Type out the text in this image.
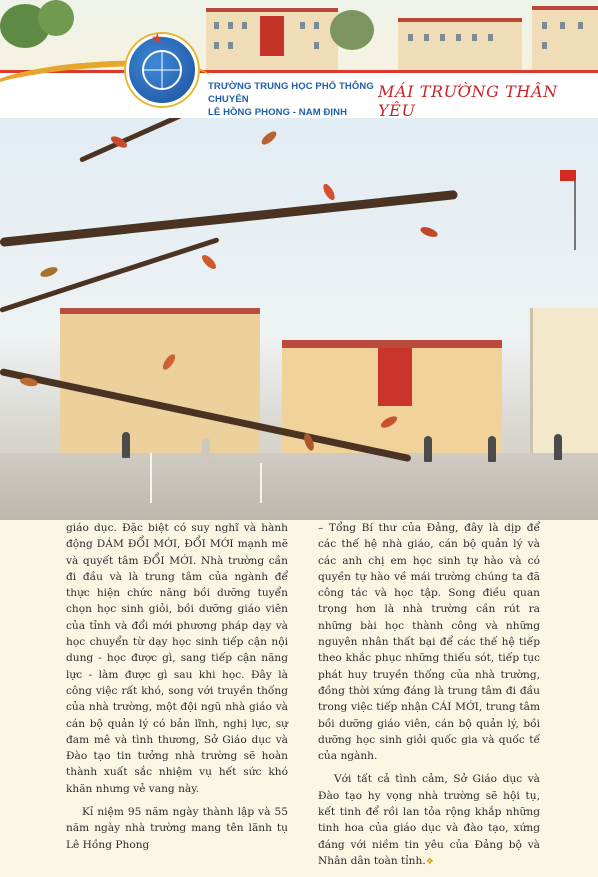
★
TRƯỜNG TRUNG HỌC PHỔ THÔNG CHUYÊN
LÊ HỒNG PHONG - NAM ĐỊNH
MÁI TRƯỜNG THÂN YÊU

giáo dục. Đặc biệt có suy nghĩ và hành động DÁM ĐỔI MỚI, ĐỔI MỚI mạnh mẽ và quyết tâm ĐỔI MỚI. Nhà trường cần đi đầu và là trung tâm của ngành để thực hiện chức năng bồi dưỡng tuyển chọn học sinh giỏi, bồi dưỡng giáo viên của tỉnh và đổi mới phương pháp dạy và học chuyển từ dạy học sinh tiếp cận nội dung - học được gì, sang tiếp cận năng lực - làm được gì sau khi học. Đây là công việc rất khó, song với truyền thống của nhà trường, một đội ngũ nhà giáo và cán bộ quản lý có bản lĩnh, nghị lực, sự đam mê và tình thương, Sở Giáo dục và Đào tạo tin tưởng nhà trường sẽ hoàn thành xuất sắc nhiệm vụ hết sức khó khăn nhưng vẻ vang này.

Kỉ niệm 95 năm ngày thành lập và 55 năm ngày nhà trường mang tên lãnh tụ Lê Hồng Phong

– Tổng Bí thư của Đảng, đây là dịp để các thế hệ nhà giáo, cán bộ quản lý và các anh chị em học sinh tự hào và có quyền tự hào về mái trường chúng ta đã công tác và học tập. Song điều quan trọng hơn là nhà trường cần rút ra những bài học thành công và những nguyên nhân thất bại để các thế hệ tiếp theo khắc phục những thiếu sót, tiếp tục phát huy truyền thống của nhà trường, đồng thời xứng đáng là trung tâm đi đầu trong việc tiếp nhận CÁI MỚI, trung tâm bồi dưỡng giáo viên, cán bộ quản lý, bồi dưỡng học sinh giỏi quốc gia và quốc tế của ngành.

Với tất cả tình cảm, Sở Giáo dục và Đào tạo hy vọng nhà trường sẽ hội tụ, kết tinh để rồi lan tỏa rộng khắp những tinh hoa của giáo dục và đào tạo, xứng đáng với niềm tin yêu của Đảng bộ và Nhân dân toàn tỉnh.❖
